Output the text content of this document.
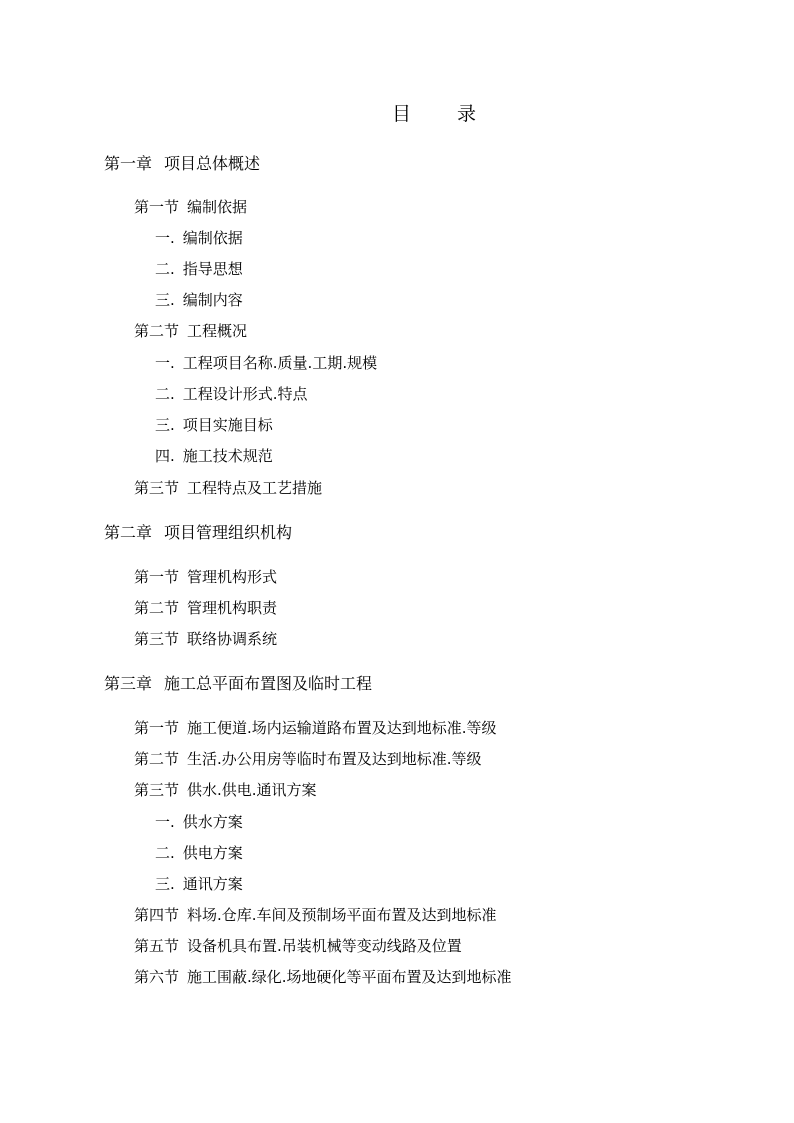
目 录
第一章 项目总体概述
第一节 编制依据
一. 编制依据
二. 指导思想
三. 编制内容
第二节 工程概况
一. 工程项目名称.质量.工期.规模
二. 工程设计形式.特点
三. 项目实施目标
四. 施工技术规范
第三节 工程特点及工艺措施
第二章 项目管理组织机构
第一节 管理机构形式
第二节 管理机构职责
第三节 联络协调系统
第三章 施工总平面布置图及临时工程
第一节 施工便道.场内运输道路布置及达到地标准.等级
第二节 生活.办公用房等临时布置及达到地标准.等级
第三节 供水.供电.通讯方案
一. 供水方案
二. 供电方案
三. 通讯方案
第四节 料场.仓库.车间及预制场平面布置及达到地标准
第五节 设备机具布置.吊装机械等变动线路及位置
第六节 施工围蔽.绿化.场地硬化等平面布置及达到地标准
